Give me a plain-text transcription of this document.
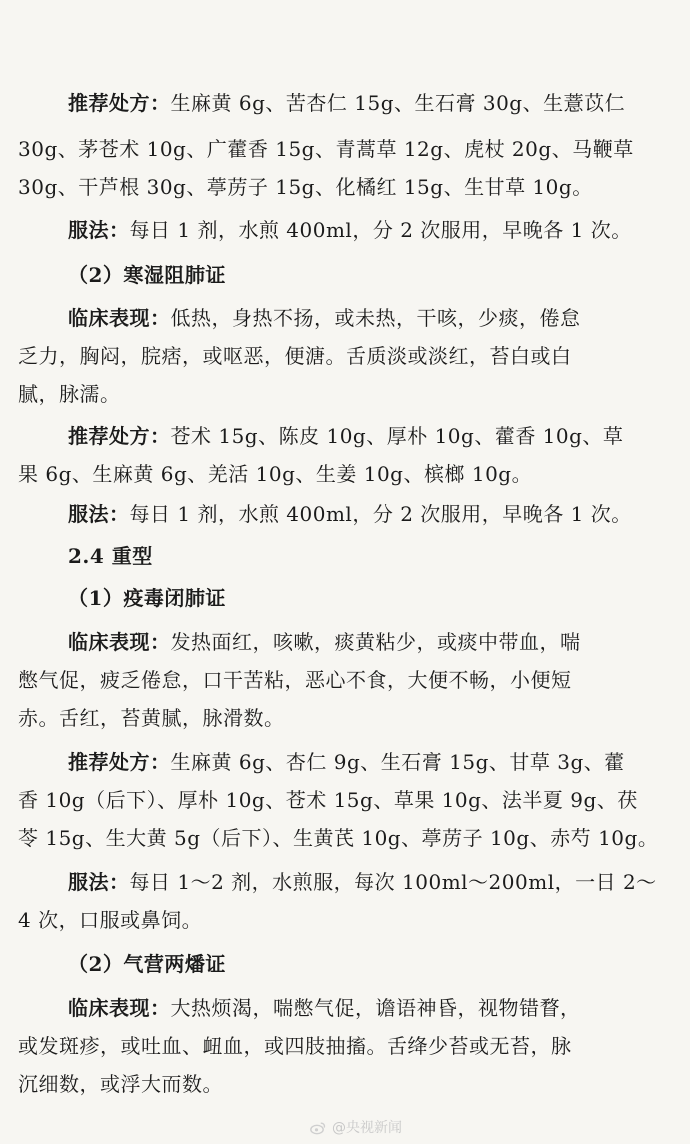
推荐处方：生麻黄 6g、苦杏仁 15g、生石膏 30g、生薏苡仁
30g、茅苍术 10g、广藿香 15g、青蒿草 12g、虎杖 20g、马鞭草
30g、干芦根 30g、葶苈子 15g、化橘红 15g、生甘草 10g。
服法：每日 1 剂，水煎 400ml，分 2 次服用，早晚各 1 次。
（2）寒湿阻肺证
临床表现：低热，身热不扬，或未热，干咳，少痰，倦怠
乏力，胸闷，脘痞，或呕恶，便溏。舌质淡或淡红，苔白或白
腻，脉濡。
推荐处方：苍术 15g、陈皮 10g、厚朴 10g、藿香 10g、草
果 6g、生麻黄 6g、羌活 10g、生姜 10g、槟榔 10g。
服法：每日 1 剂，水煎 400ml，分 2 次服用，早晚各 1 次。
2.4 重型
（1）疫毒闭肺证
临床表现：发热面红，咳嗽，痰黄粘少，或痰中带血，喘
憋气促，疲乏倦怠，口干苦粘，恶心不食，大便不畅，小便短
赤。舌红，苔黄腻，脉滑数。
推荐处方：生麻黄 6g、杏仁 9g、生石膏 15g、甘草 3g、藿
香 10g（后下）、厚朴 10g、苍术 15g、草果 10g、法半夏 9g、茯
苓 15g、生大黄 5g（后下）、生黄芪 10g、葶苈子 10g、赤芍 10g。
服法：每日 1～2 剂，水煎服，每次 100ml～200ml，一日 2～
4 次，口服或鼻饲。
（2）气营两燔证
临床表现：大热烦渴，喘憋气促，谵语神昏，视物错瞀，
或发斑疹，或吐血、衄血，或四肢抽搐。舌绛少苔或无苔，脉
沉细数，或浮大而数。
@央视新闻
